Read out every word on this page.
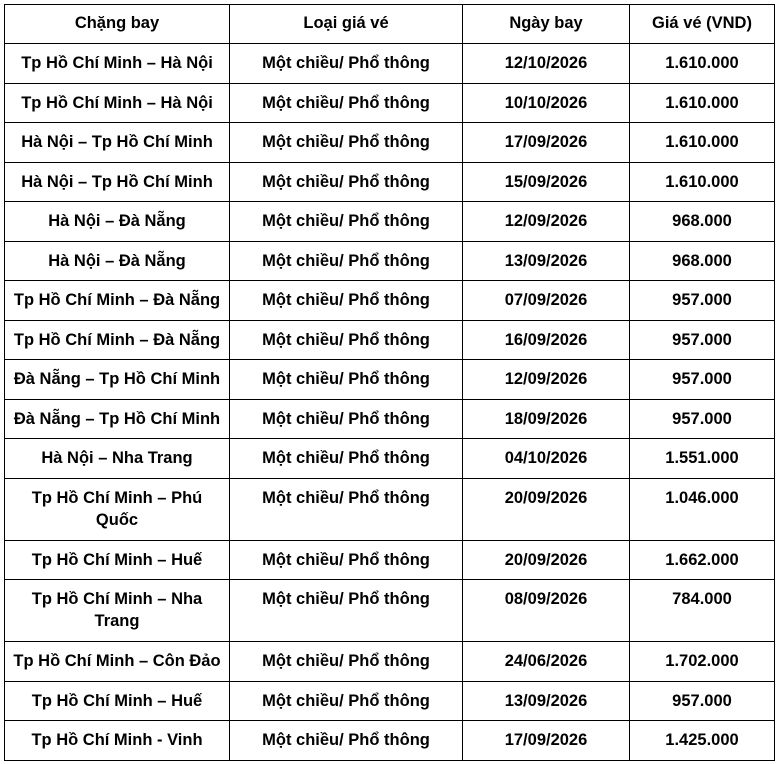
Chặng bay	Loại giá vé	Ngày bay	Giá vé (VND)
Tp Hồ Chí Minh – Hà Nội	Một chiều/ Phổ thông	12/10/2026	1.610.000
Tp Hồ Chí Minh – Hà Nội	Một chiều/ Phổ thông	10/10/2026	1.610.000
Hà Nội – Tp Hồ Chí Minh	Một chiều/ Phổ thông	17/09/2026	1.610.000
Hà Nội – Tp Hồ Chí Minh	Một chiều/ Phổ thông	15/09/2026	1.610.000
Hà Nội – Đà Nẵng	Một chiều/ Phổ thông	12/09/2026	968.000
Hà Nội – Đà Nẵng	Một chiều/ Phổ thông	13/09/2026	968.000
Tp Hồ Chí Minh – Đà Nẵng	Một chiều/ Phổ thông	07/09/2026	957.000
Tp Hồ Chí Minh – Đà Nẵng	Một chiều/ Phổ thông	16/09/2026	957.000
Đà Nẵng – Tp Hồ Chí Minh	Một chiều/ Phổ thông	12/09/2026	957.000
Đà Nẵng – Tp Hồ Chí Minh	Một chiều/ Phổ thông	18/09/2026	957.000
Hà Nội – Nha Trang	Một chiều/ Phổ thông	04/10/2026	1.551.000
Tp Hồ Chí Minh – Phú Quốc	Một chiều/ Phổ thông	20/09/2026	1.046.000
Tp Hồ Chí Minh – Huế	Một chiều/ Phổ thông	20/09/2026	1.662.000
Tp Hồ Chí Minh – Nha Trang	Một chiều/ Phổ thông	08/09/2026	784.000
Tp Hồ Chí Minh – Côn Đảo	Một chiều/ Phổ thông	24/06/2026	1.702.000
Tp Hồ Chí Minh – Huế	Một chiều/ Phổ thông	13/09/2026	957.000
Tp Hồ Chí Minh - Vinh	Một chiều/ Phổ thông	17/09/2026	1.425.000
